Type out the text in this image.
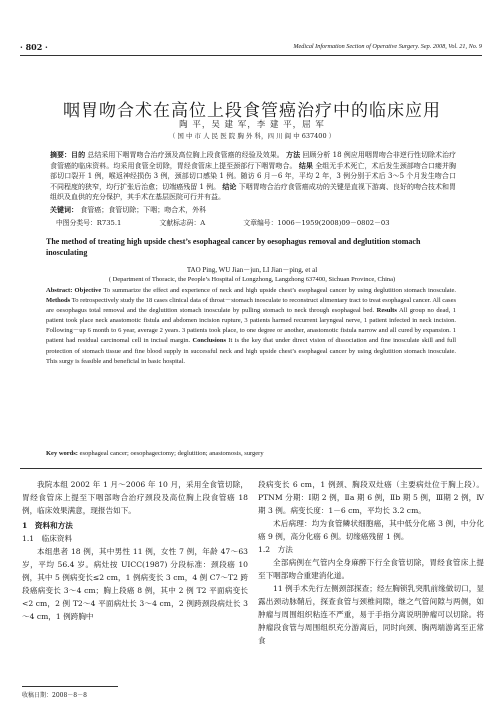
· 802 ·	Medical Information Section of Operative Surgery. Sep. 2008, Vol. 21, No. 9
咽胃吻合术在高位上段食管癌治疗中的临床应用
陶 平，吴 建 军，李 建 平，屈 军
（ 国 中 市 人 民 医 院 胸 外 科，四 川 阆 中 637400 ）
摘要：目的 总结采用下咽胃吻合治疗颈及高位胸上段食管癌的经验及效果。 方法 回顾分析 18 例应用咽胃吻合非逆行性切除术治疗食管癌的临床资料。均采用食管全切除，胃经食管床上提至颈部行下咽胃吻合。 结果 全组无手术死亡，术后发生颈部吻合口瘘并胸部切口裂开 1 例，喉返神经损伤 3 例，颈部切口感染 1 例。随访 6 月－6 年，平均 2 年，3 例分别于术后 3～5 个月发生吻合口不同程度的狭窄，均行扩张后治愈；切端癌残留 1 例。 结论 下咽胃吻合治疗食管癌成功的关键是直视下游离、良好的吻合技术和胃组织及血供的充分保护，其手术在基层医院可行并有益。
关键词： 食管癌；食管切除；下咽；吻合术，外科
中图分类号：R735.1	文献标志码：A	文章编号：1006－1959(2008)09－0802－03
The method of treating high upside chest’s esophageal cancer by oesophagus removal and deglutition stomach inosculating
TAO Ping, WU Jian－jun, LI Jian－ping, et al
( Department of Thoracic, the People’s Hospital of Longzhong, Langzhong 637400, Sichuan Province, China)
Abstract: Objective To summarize the effect and experience of neck and high upside chest’s esophageal cancer by using deglutition stomach inosculate. Methods To retrospectively study the 18 cases clinical data of throat－stomach inosculate to reconstruct alimentary tract to treat esophageal cancer. All cases are oesophagus total removal and the deglutition stomach inosculate by pulling stomach to neck through esophageal bed. Results All group no dead, 1 patient took place neck anastomotic fistula and abdomen incision rupture, 3 patients harmed recurrent laryngeal nerve, 1 patient infected in neck incision. Following－up 6 month to 6 year, average 2 years. 3 patients took place, to one degree or another, anastomotic fistula narrow and all cured by expansion. 1 patient had residual carcinomal cell in incisal margin. Conclusions It is the key that under direct vision of dissociation and fine inosculate skill and full protection of stomach tissue and fine blood supply in successful neck and high upside chest’s esophageal cancer by using deglutition stomach inosculate. This surgy is feasible and beneficial in basic hospital.
Key words: esophageal cancer; oesophagectomy; deglutition; anastomosis, surgery

我院本组 2002 年 1 月～2006 年 10 月，采用全食管切除，胃经食管床上提至下咽部吻合治疗颈段及高位胸上段食管癌 18 例，临床效果满意，现报告如下。

1　资料和方法
1.1　临床资料

本组患者 18 例，其中男性 11 例，女性 7 例，年龄 47～63 岁，平均 56.4 岁。病灶按 UICC(1987) 分段标准：颈段癌 10 例，其中 5 例病变长≤2 cm，1 例病变长 3 cm，4 例 C7～T2 跨段癌病变长 3～4 cm；胸上段癌 8 例，其中 2 例 T2 平面病变长 <2 cm，2 例 T2～4 平面病灶长 3～4 cm，2 例跨颈段病灶长 3～4 cm，1 例跨胸中

段病变长 6 cm，1 例颈、胸段双灶癌（主要病灶位于胸上段）。PTNM 分期：Ⅰ期 2 例，Ⅱa 期 6 例，Ⅱb 期 5 例，Ⅲ期 2 例，Ⅳ期 3 例。病变长度：1－6 cm，平均长 3.2 cm。

术后病理：均为食管鳞状细胞癌，其中低分化癌 3 例，中分化癌 9 例，高分化癌 6 例。切缘癌残留 1 例。

1.2　方法

全部病例在气管内全身麻醉下行全食管切除，胃经食管床上提至下咽部吻合重建消化道。

11 例手术先行左侧颈部探查；经左胸锁乳突肌前缘做切口，显露出颈动脉鞘后，探查食管与颈椎间隙，继之气管间隙与两侧，如肿瘤与周围组织粘连不严重，易于手指分离说明肿瘤可以切除。将肿瘤段食管与周围组织充分游离后，同时向颈、胸两端游离至正常食

收稿日期：2008－8－8
